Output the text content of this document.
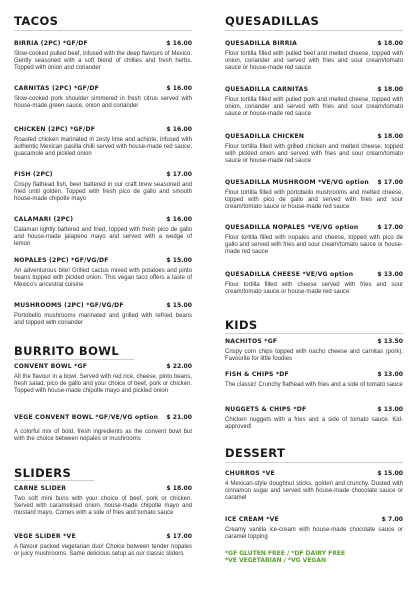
TACOS
BIRRIA (2PC) *GF/DF	$ 16.00
Slow-cooked pulled beef, infused with the deep flavours of Mexico. Gently seasoned with a soft blend of chillies and fresh herbs. Topped with onion and coriander
CARNITAS (2PC) *GF/DF	$ 16.00
Slow-cooked pork shoulder simmered in fresh citrus served with house-made green sauce, onion and coriander
CHICKEN (2PC) *GF/DF	$ 16.00
Roasted chicken marinated in zesty lime and achiote, infused with authentic Mexican pasilla chilli served with house-made red sauce, guacamole and pickled onion
FISH (2PC)	$ 17.00
Crispy flathead fish, beer battered in our craft brew seasoned and fried until golden. Topped with fresh pico de gallo and smooth house-made chipotle mayo
CALAMARI (2PC)	$ 16.00
Calamari lightly battered and fried, topped with fresh pico de gallo and house-made jalapeno mayo and served with a wedge of lemon
NOPALES (2PC) *GF/VG/DF	$ 15.00
An adventurous bite! Grilled cactus mixed with potatoes and pinto beans topped with pickled onion. This vegan taco offers a taste of Mexico's ancestral cuisine
MUSHROOMS (2PC) *GF/VG/DF	$ 15.00
Portobello mushrooms marinated and grilled with refried beans and topped with coriander
BURRITO BOWL
CONVENT BOWL *GF	$ 22.00
All the flavour in a bowl. Served with red rice, cheese, pinto beans, fresh salad, pico de gallo and your choice of beef, pork or chicken. Topped with house-made chipotle mayo and pickled onion
VEGE CONVENT BOWL *GF/VE/VG option $ 21.00
A colorful mix of bold, fresh ingredients as the convent bowl but with the choice between nopales or mushrooms
SLIDERS
CARNE SLIDER	$ 18.00
Two soft mini buns with your choice of beef, pork or chicken. Served with caramelised onion, house-made chipotle mayo and mustard mayo. Comes with a side of fries and tomato sauce
VEGE SLIDER *VE	$ 17.00
A flavour packed vegetarian duo! Choice between tender nopales or juicy mushrooms. Same delicious setup as our classic sliders
QUESADILLAS
QUESADILLA BIRRIA	$ 18.00
Flour tortilla filled with pulled beef and melted cheese, topped with onion, coriander and served with fries and sour cream/tomato sauce or house-made red sauce
QUESADILLA CARNITAS	$ 18.00
Flour tortilla filled with pulled pork and melted cheese, topped with onion, coriander and served with fries and sour cream/tomato sauce or house-made red sauce
QUESADILLA CHICKEN	$ 18.00
Flour tortilla filled with grilled chicken and melted cheese, topped with pickled onion and served with fries and sour cream/tomato sauce or house-made red sauce
QUESADILLA MUSHROOM *VE/VG option $ 17.00
Flour tortilla filled with portobello mushrooms and melted cheese, topped with pico de gallo and served with fries and sour cream/tomato sauce or house-made red sauce
QUESADILLA NOPALES *VE/VG option	$ 17.00
Flour tortilla filled with nopales and cheese, topped with pico de gallo and served with fries and sour cream/tomato sauce or house-made red sauce
QUESADILLA CHEESE *VE/VG option	$ 13.00
Flour tortilla filled with cheese served with fries and sour cream/tomato sauce or house-made red sauce
KIDS
NACHITOS *GF	$ 13.50
Crispy corn chips topped with nacho cheese and carnitas (pork). Favourite for little foodies
FISH & CHIPS *DF	$ 13.00
The classic! Crunchy flathead with fries and a side of tomato sauce
NUGGETS & CHIPS *DF	$ 13.00
Chicken nuggets with a fries and a side of tomato sauce. Kid-approved!
DESSERT
CHURROS *VE	$ 15.00
4 Mexican-style doughnut sticks, golden and crunchy. Dusted with cinnamon sugar and served with house-made chocolate sauce or caramel
ICE CREAM *VE	$ 7.00
Creamy vanilla ice-cream with house-made chocolate sauce or caramel topping
*GF GLUTEN FREE / *DF DAIRY FREE
*VE VEGETARIAN / *VG VEGAN
